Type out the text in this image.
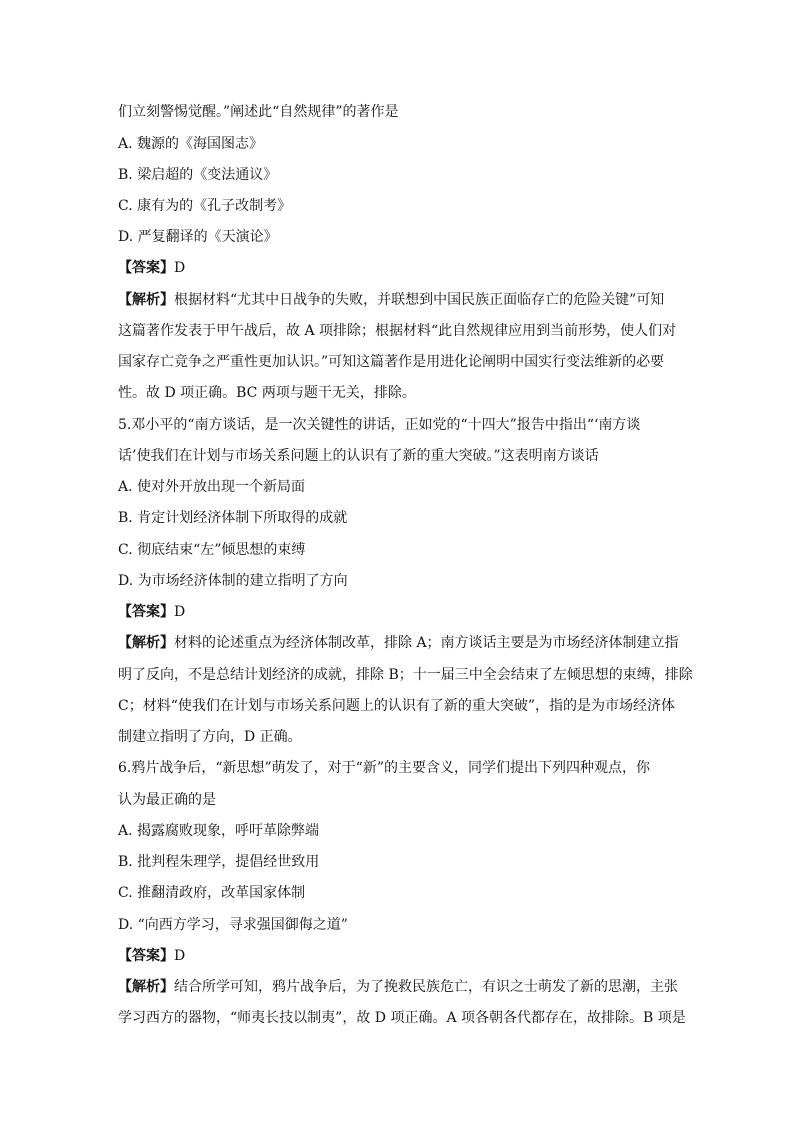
们立刻警惕觉醒。”阐述此“自然规律”的著作是
A. 魏源的《海国图志》
B. 梁启超的《变法通议》
C. 康有为的《孔子改制考》
D. 严复翻译的《天演论》
【答案】D
【解析】根据材料“尤其中日战争的失败，并联想到中国民族正面临存亡的危险关键”可知
这篇著作发表于甲午战后，故 A 项排除；根据材料“此自然规律应用到当前形势，使人们对
国家存亡竞争之严重性更加认识。”可知这篇著作是用进化论阐明中国实行变法维新的必要
性。故 D 项正确。BC 两项与题干无关，排除。
5.邓小平的“南方谈话，是一次关键性的讲话，正如党的“十四大”报告中指出“‘南方谈
话’使我们在计划与市场关系问题上的认识有了新的重大突破。”这表明南方谈话
A. 使对外开放出现一个新局面
B. 肯定计划经济体制下所取得的成就
C. 彻底结束“左”倾思想的束缚
D. 为市场经济体制的建立指明了方向
【答案】D
【解析】材料的论述重点为经济体制改革，排除 A；南方谈话主要是为市场经济体制建立指
明了反向，不是总结计划经济的成就，排除 B；十一届三中全会结束了左倾思想的束缚，排除
C；材料“使我们在计划与市场关系问题上的认识有了新的重大突破”，指的是为市场经济体
制建立指明了方向，D 正确。
6.鸦片战争后，“新思想”萌发了，对于“新”的主要含义，同学们提出下列四种观点，你
认为最正确的是
A. 揭露腐败现象，呼吁革除弊端
B. 批判程朱理学，提倡经世致用
C. 推翻清政府，改革国家体制
D. “向西方学习，寻求强国御侮之道”
【答案】D
【解析】结合所学可知，鸦片战争后，为了挽救民族危亡，有识之士萌发了新的思潮，主张
学习西方的器物，“师夷长技以制夷”，故 D 项正确。A 项各朝各代都存在，故排除。B 项是
